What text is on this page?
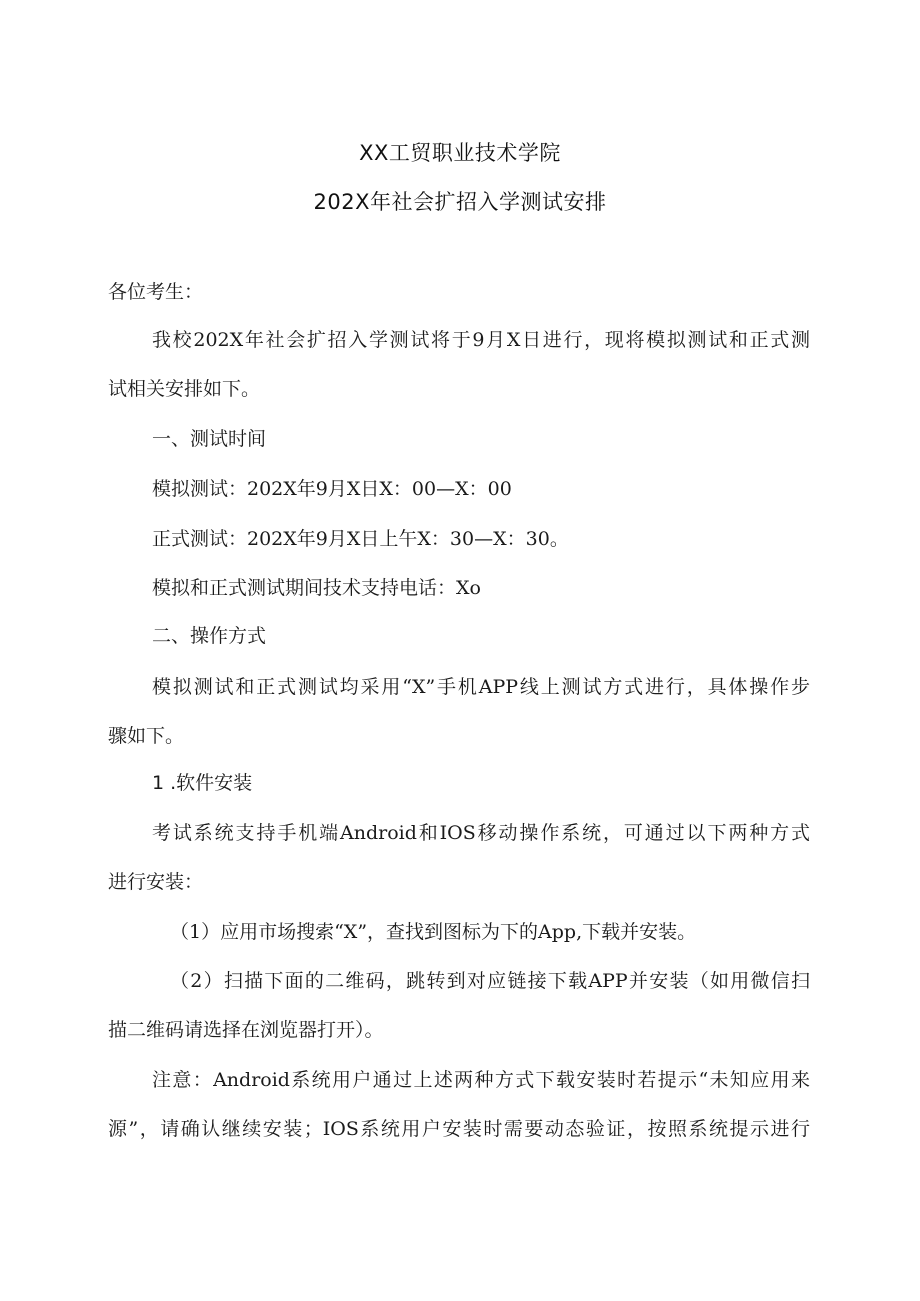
XX工贸职业技术学院
202X年社会扩招入学测试安排
各位考生：
我校202X年社会扩招入学测试将于9月X日进行，现将模拟测试和正式测
试相关安排如下。
一、测试时间
模拟测试：202X年9月X日X：00—X：00
正式测试：202X年9月X日上午X：30—X：30。
模拟和正式测试期间技术支持电话：Xo
二、操作方式
模拟测试和正式测试均采用“X”手机APP线上测试方式进行，具体操作步
骤如下。
1 .软件安装
考试系统支持手机端Android和IOS移动操作系统，可通过以下两种方式
进行安装：
（1）应用市场搜索“X”，查找到图标为下的App,下载并安装。
（2）扫描下面的二维码，跳转到对应链接下载APP并安装（如用微信扫
描二维码请选择在浏览器打开）。
注意：Android系统用户通过上述两种方式下载安装时若提示“未知应用来
源”，请确认继续安装；IOS系统用户安装时需要动态验证，按照系统提示进行
